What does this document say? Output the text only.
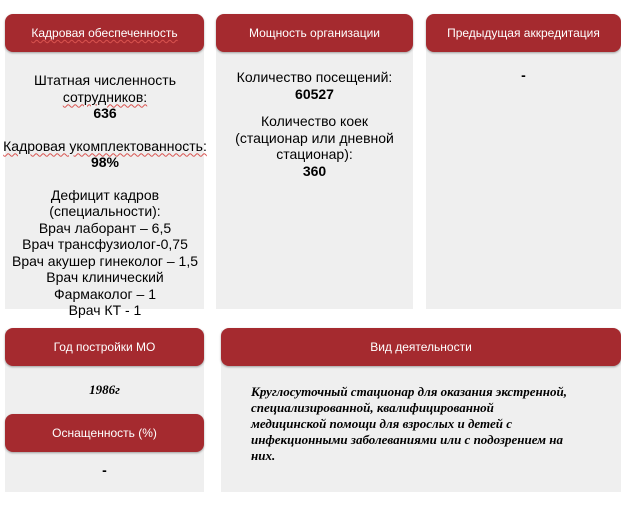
Кадровая обеспеченность	Мощность организации	Предыдущая аккредитация
Год постройки МО
Оснащенность (%)
Вид деятельности
Штатная численность
сотрудников:
636
Кадровая укомплектованность:
98%
Дефицит кадров
(специальности):
Врач лаборант – 6,5
Врач трансфузиолог-0,75
Врач акушер гинеколог – 1,5
Врач клинический
Фармаколог – 1
Врач КТ - 1
Количество посещений:
60527
Количество коек
(стационар или дневной
стационар):
360
-
1986г
-
Круглосуточный стационар для оказания экстренной,
специализированной, квалифицированной
медицинской помощи для взрослых и детей с
инфекционными заболеваниями или с подозрением на
них.
